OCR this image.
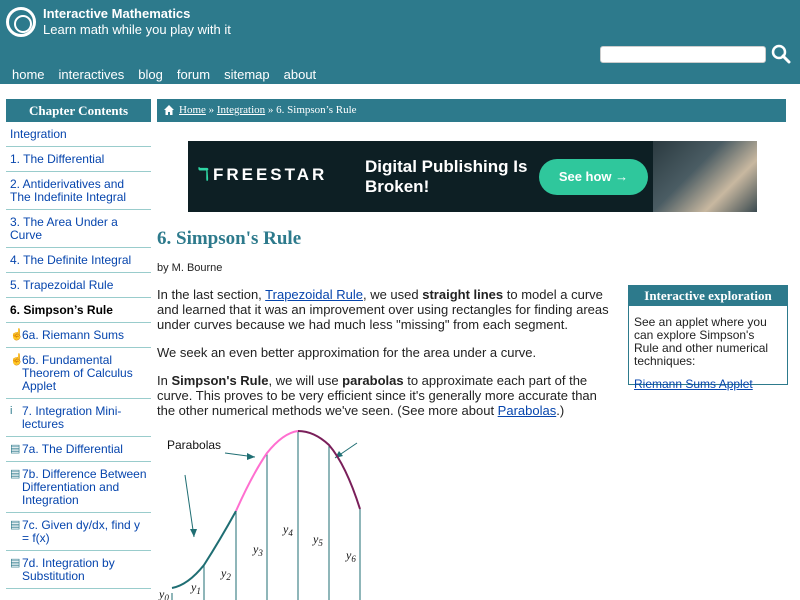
Interactive Mathematics
Learn math while you play with it
home interactives blog forum sitemap about
Chapter Contents
Integration
1. The Differential
2. Antiderivatives and The Indefinite Integral
3. The Area Under a Curve
4. The Definite Integral
5. Trapezoidal Rule
6. Simpson’s Rule
☝
6a. Riemann Sums
☝
6b. Fundamental Theorem of Calculus Applet
i 7. Integration Mini-lectures
▤ 7a. The Differential
▤ 7b. Difference Between Differentiation and Integration
▤ 7c. Given dy/dx, find y = f(x)
▤ 7d. Integration by Substitution
Home » Integration » 6. Simpson’s Rule
ℸ FREESTAR Digital Publishing Is Broken!
See how →
6. Simpson's Rule
by M. Bourne
In the last section, Trapezoidal Rule, we used straight lines to model a curve and learned that it was an improvement over using rectangles for finding areas under curves because we had much less "missing" from each segment.
We seek an even better approximation for the area under a curve.
In Simpson's Rule, we will use parabolas to approximate each part of the curve. This proves to be very efficient since it's generally more accurate than the other numerical methods we've seen. (See more about Parabolas.)
Interactive exploration
See an applet where you can explore Simpson's Rule and other numerical techniques:
Riemann Sums Applet
Parabolas
$y_0$
$y_1$
$y_2$
$y_3$
$y_4$ $y_5$
$y_6$
